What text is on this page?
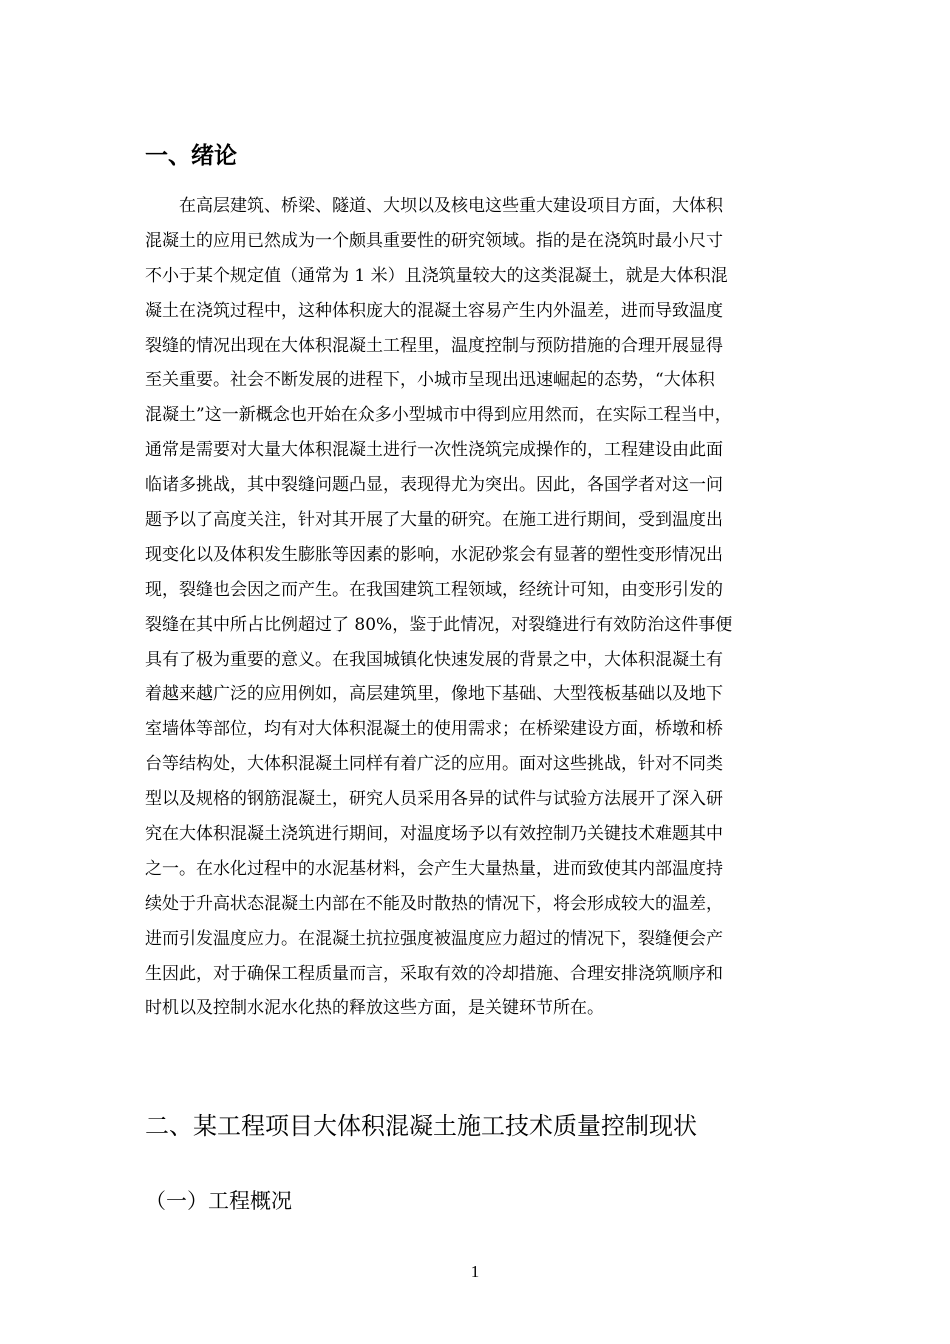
一、绪论
　　在高层建筑、桥梁、隧道、大坝以及核电这些重大建设项目方面，大体积
混凝土的应用已然成为一个颇具重要性的研究领域。指的是在浇筑时最小尺寸
不小于某个规定值（通常为 1 米）且浇筑量较大的这类混凝土，就是大体积混
凝土在浇筑过程中，这种体积庞大的混凝土容易产生内外温差，进而导致温度
裂缝的情况出现在大体积混凝土工程里，温度控制与预防措施的合理开展显得
至关重要。社会不断发展的进程下，小城市呈现出迅速崛起的态势，“大体积
混凝土”这一新概念也开始在众多小型城市中得到应用然而，在实际工程当中，
通常是需要对大量大体积混凝土进行一次性浇筑完成操作的，工程建设由此面
临诸多挑战，其中裂缝问题凸显，表现得尤为突出。因此，各国学者对这一问
题予以了高度关注，针对其开展了大量的研究。在施工进行期间，受到温度出
现变化以及体积发生膨胀等因素的影响，水泥砂浆会有显著的塑性变形情况出
现，裂缝也会因之而产生。在我国建筑工程领域，经统计可知，由变形引发的
裂缝在其中所占比例超过了 80%，鉴于此情况，对裂缝进行有效防治这件事便
具有了极为重要的意义。在我国城镇化快速发展的背景之中，大体积混凝土有
着越来越广泛的应用例如，高层建筑里，像地下基础、大型筏板基础以及地下
室墙体等部位，均有对大体积混凝土的使用需求；在桥梁建设方面，桥墩和桥
台等结构处，大体积混凝土同样有着广泛的应用。面对这些挑战，针对不同类
型以及规格的钢筋混凝土，研究人员采用各异的试件与试验方法展开了深入研
究在大体积混凝土浇筑进行期间，对温度场予以有效控制乃关键技术难题其中
之一。在水化过程中的水泥基材料，会产生大量热量，进而致使其内部温度持
续处于升高状态混凝土内部在不能及时散热的情况下，将会形成较大的温差，
进而引发温度应力。在混凝土抗拉强度被温度应力超过的情况下，裂缝便会产
生因此，对于确保工程质量而言，采取有效的冷却措施、合理安排浇筑顺序和
时机以及控制水泥水化热的释放这些方面，是关键环节所在。
二、某工程项目大体积混凝土施工技术质量控制现状
（一）工程概况
1
